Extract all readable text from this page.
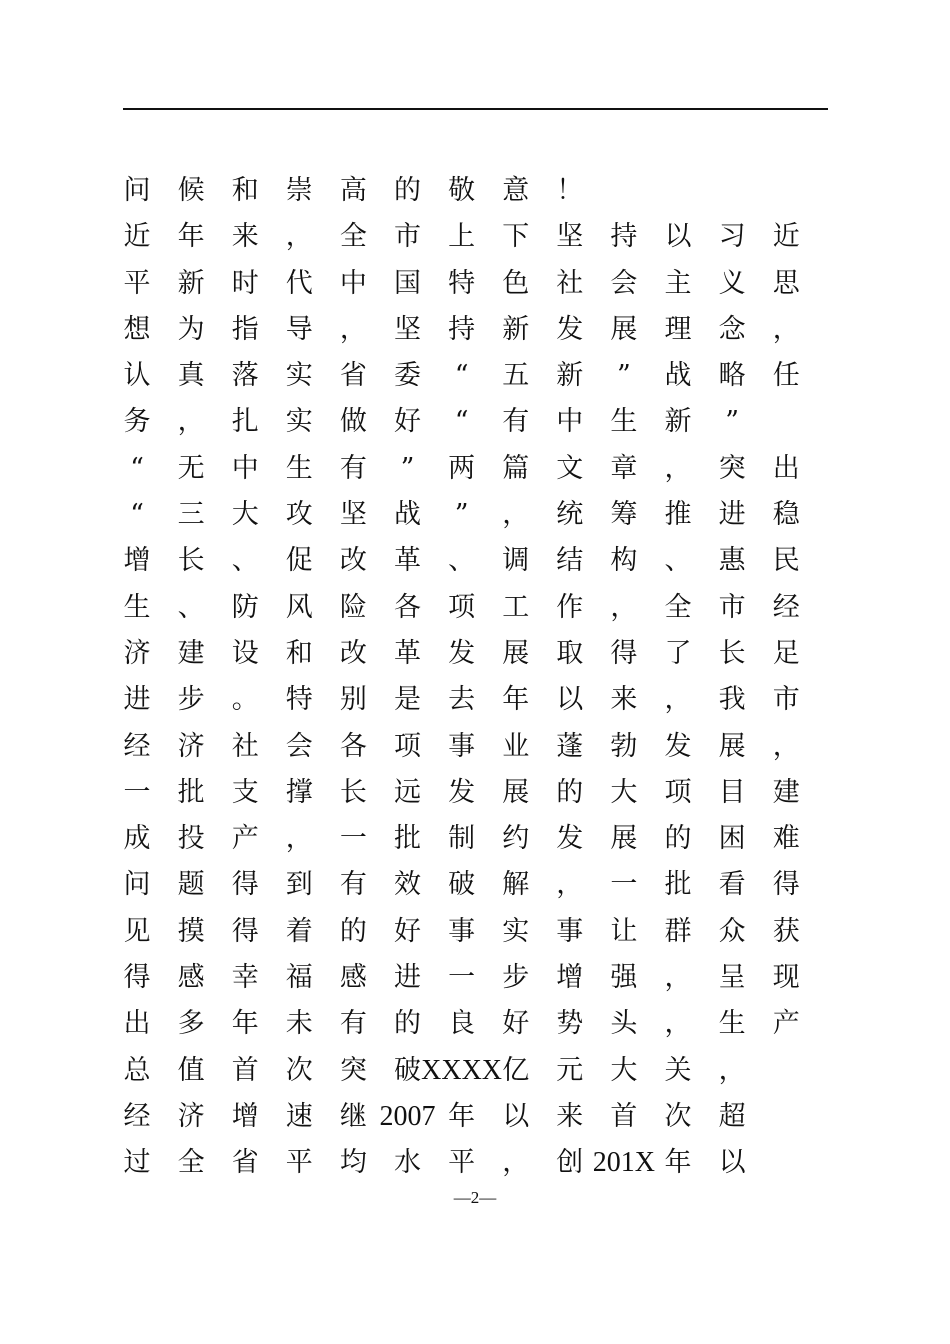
问 候 和 崇 高 的 敬 意 ！
近 年 来 ， 全 市 上 下 坚 持 以 习 近
平 新 时 代 中 国 特 色 社 会 主 义 思
想 为 指 导 ， 坚 持 新 发 展 理 念 ，
认 真 落 实 省 委	“	五 新	”	战 略 任
务 ， 扎 实 做 好	“	有 中 生 新	”
“	无 中 生 有	”	两 篇 文 章 ， 突 出
“	三 大 攻 坚 战	”	， 统 筹 推 进 稳
增 长 、 促 改 革 、 调 结 构 、 惠 民
生 、 防 风 险 各 项 工 作 ， 全 市 经
济 建 设 和 改 革 发 展 取 得 了 长 足
进 步 。 特 别 是 去 年 以 来 ， 我 市
经 济 社 会 各 项 事 业 蓬 勃 发 展 ，
一 批 支 撑 长 远 发 展 的 大 项 目 建
成 投 产 ， 一 批 制 约 发 展 的 困 难
问 题 得 到 有 效 破 解 ， 一 批 看 得
见 摸 得 着 的 好 事 实 事 让 群 众 获
得 感 幸 福 感 进 一 步 增 强 ， 呈 现
出 多 年 未 有 的 良 好 势 头 ， 生 产
总 值 首 次 突 破 XXXX 亿 元 大 关 ，
经 济 增 速 继 2007 年 以 来 首 次 超
过 全 省 平 均 水 平 ， 创 201X 年 以
—2—
